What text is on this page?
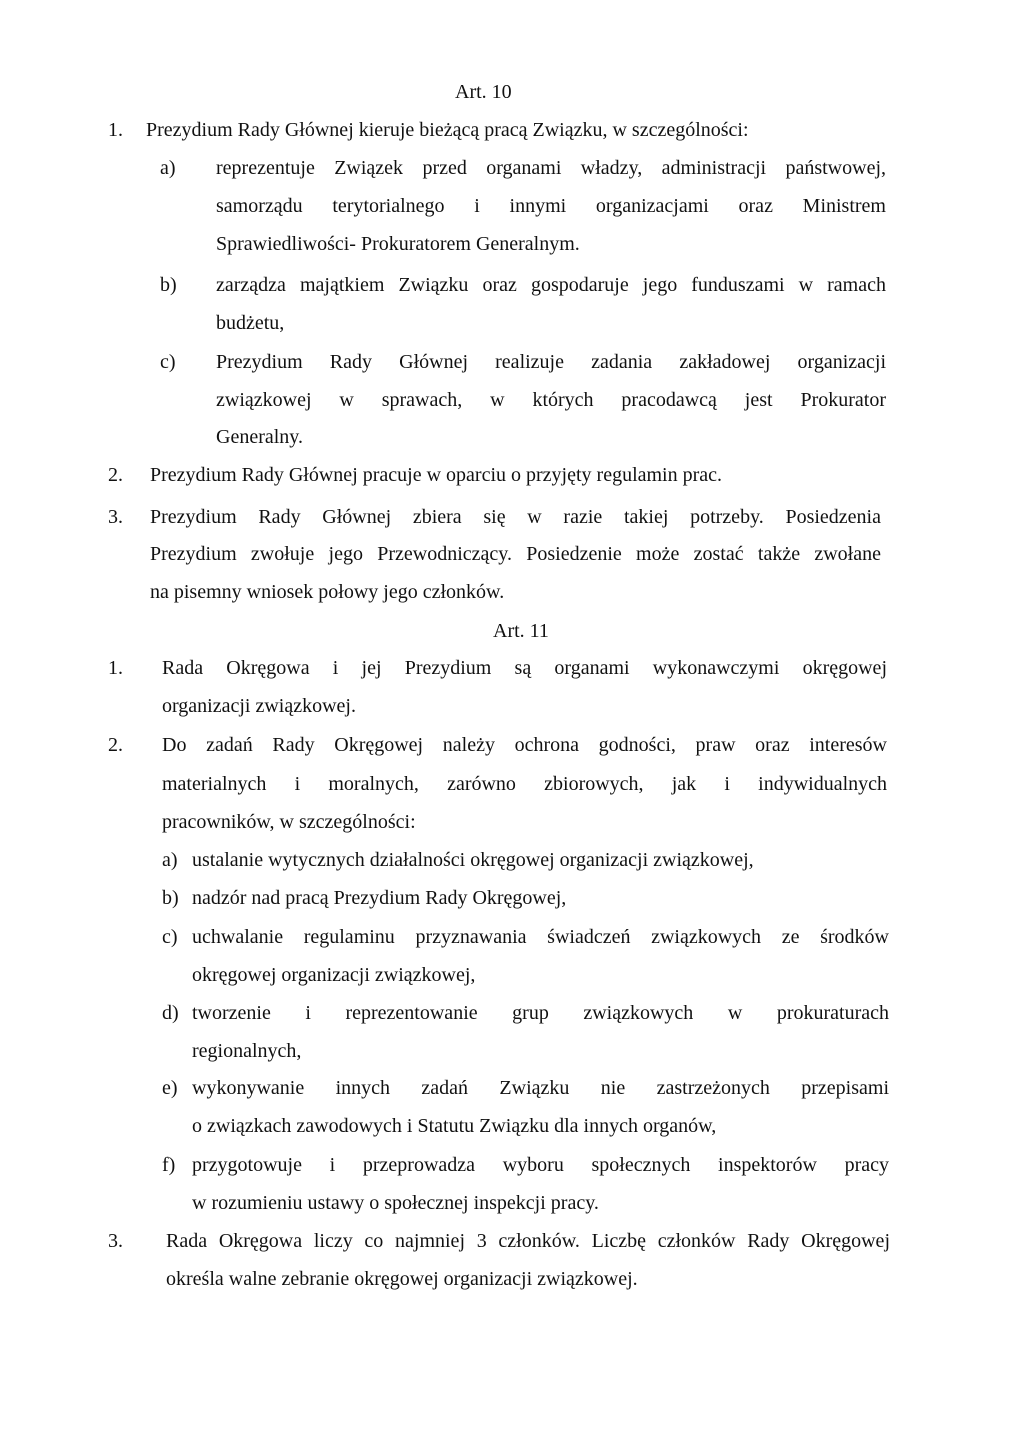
Art. 10
1. Prezydium Rady Głównej kieruje bieżącą pracą Związku, w szczególności:
a) reprezentuje Związek przed organami władzy, administracji państwowej,
samorządu terytorialnego i innymi organizacjami oraz Ministrem
Sprawiedliwości- Prokuratorem Generalnym.
b) zarządza majątkiem Związku oraz gospodaruje jego funduszami w ramach
budżetu,
c) Prezydium Rady Głównej realizuje zadania zakładowej organizacji
związkowej w sprawach, w których pracodawcą jest Prokurator
Generalny.
2. Prezydium Rady Głównej pracuje w oparciu o przyjęty regulamin prac.
3. Prezydium Rady Głównej zbiera się w razie takiej potrzeby. Posiedzenia
Prezydium zwołuje jego Przewodniczący. Posiedzenie może zostać także zwołane
na pisemny wniosek połowy jego członków.
Art. 11
1. Rada Okręgowa i jej Prezydium są organami wykonawczymi okręgowej
organizacji związkowej.
2. Do zadań Rady Okręgowej należy ochrona godności, praw oraz interesów
materialnych i moralnych, zarówno zbiorowych, jak i indywidualnych
pracowników, w szczególności:
a) ustalanie wytycznych działalności okręgowej organizacji związkowej,
b) nadzór nad pracą Prezydium Rady Okręgowej,
c) uchwalanie regulaminu przyznawania świadczeń związkowych ze środków
okręgowej organizacji związkowej,
d) tworzenie i reprezentowanie grup związkowych w prokuraturach
regionalnych,
e) wykonywanie innych zadań Związku nie zastrzeżonych przepisami
o związkach zawodowych i Statutu Związku dla innych organów,
f) przygotowuje i przeprowadza wyboru społecznych inspektorów pracy
w rozumieniu ustawy o społecznej inspekcji pracy.
3. Rada Okręgowa liczy co najmniej 3 członków. Liczbę członków Rady Okręgowej
określa walne zebranie okręgowej organizacji związkowej.
